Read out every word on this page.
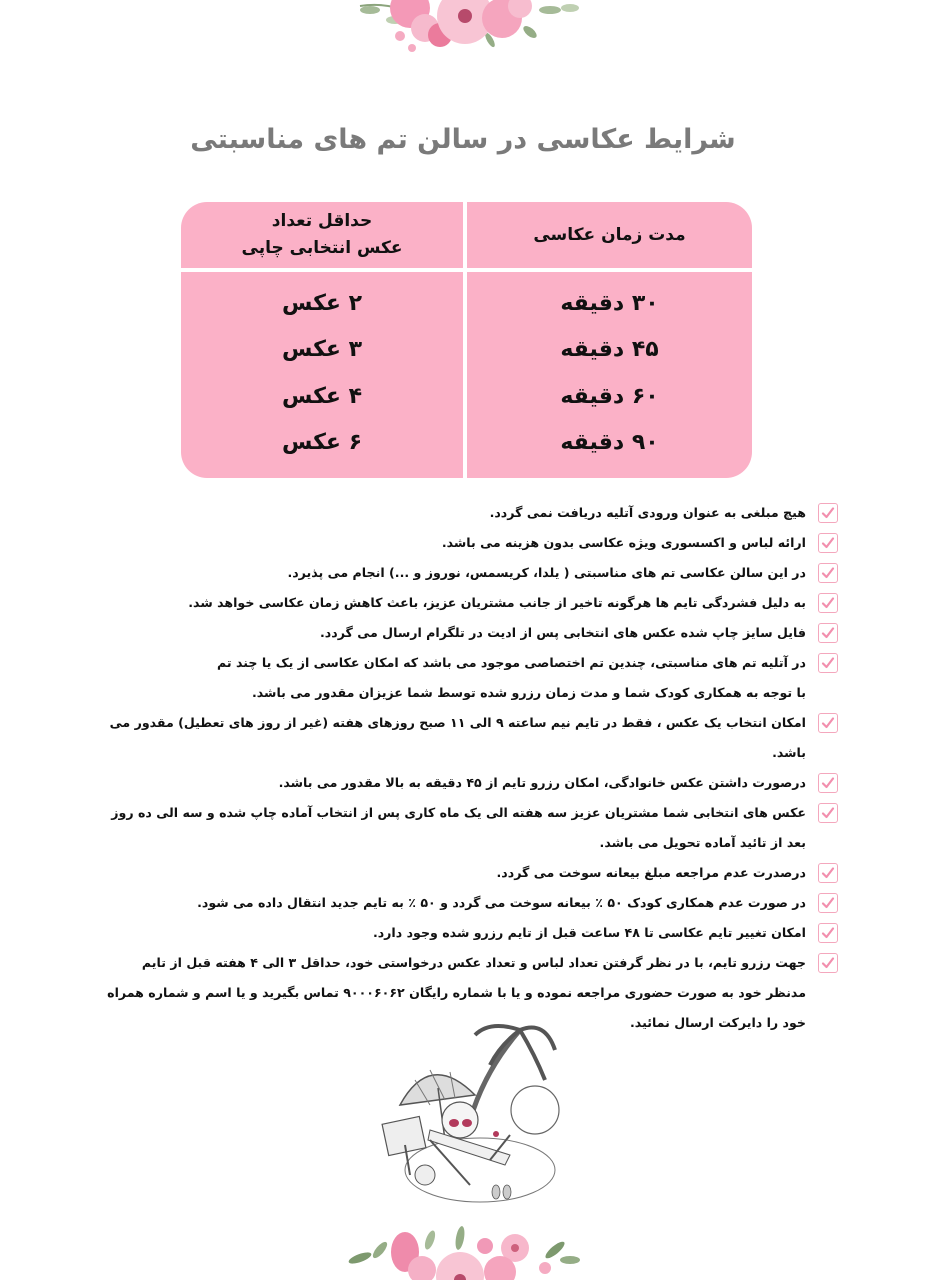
شرایط عکاسی در سالن تم های مناسبتی
مدت زمان عکاسی
۳۰ دقیقه
۴۵ دقیقه
۶۰ دقیقه
۹۰ دقیقه
حداقل تعداد
عکس انتخابی چاپی
۲ عکس
۳ عکس
۴ عکس
۶ عکس
هیچ مبلغی به عنوان ورودی آتلیه دریافت نمی گردد.
ارائه لباس و اکسسوری ویژه عکاسی بدون هزینه می باشد.
در این سالن عکاسی تم های مناسبتی ( یلدا، کریسمس، نوروز و ...) انجام می پذیرد.
به دلیل فشردگی تایم ها هرگونه تاخیر از جانب مشتریان عزیز، باعث کاهش زمان عکاسی خواهد شد.
فایل سایز چاپ شده عکس های انتخابی پس از ادیت در تلگرام ارسال می گردد.
در آتلیه تم های مناسبتی، چندین تم اختصاصی موجود می باشد که امکان عکاسی از یک یا چند تم
با توجه به همکاری کودک شما و مدت زمان رزرو شده توسط شما عزیزان مقدور می باشد.
امکان انتخاب یک عکس ، فقط در تایم نیم ساعته ۹ الی ۱۱ صبح روزهای هفته (غیر از روز های تعطیل) مقدور می باشد.
درصورت داشتن عکس خانوادگی، امکان رزرو تایم از ۴۵ دقیقه به بالا مقدور می باشد.
عکس های انتخابی شما مشتریان عزیز سه هفته الی یک ماه کاری پس از انتخاب آماده چاپ شده و سه الی ده روز
بعد از تائید آماده تحویل می باشد.
درصدرت عدم مراجعه مبلغ بیعانه سوخت می گردد.
در صورت عدم همکاری کودک ۵۰ ٪ بیعانه سوخت می گردد و ۵۰ ٪ به تایم جدید انتقال داده می شود.
امکان تغییر تایم عکاسی تا ۴۸ ساعت قبل از تایم رزرو شده وجود دارد.
جهت رزرو تایم، با در نظر گرفتن تعداد لباس و تعداد عکس درخواستی خود، حداقل ۳ الی ۴ هفته قبل از تایم
مدنظر خود به صورت حضوری مراجعه نموده و یا با شماره رایگان ۹۰۰۰۶۰۶۲ تماس بگیرید و یا اسم و شماره همراه
خود را دایرکت ارسال نمائید.
